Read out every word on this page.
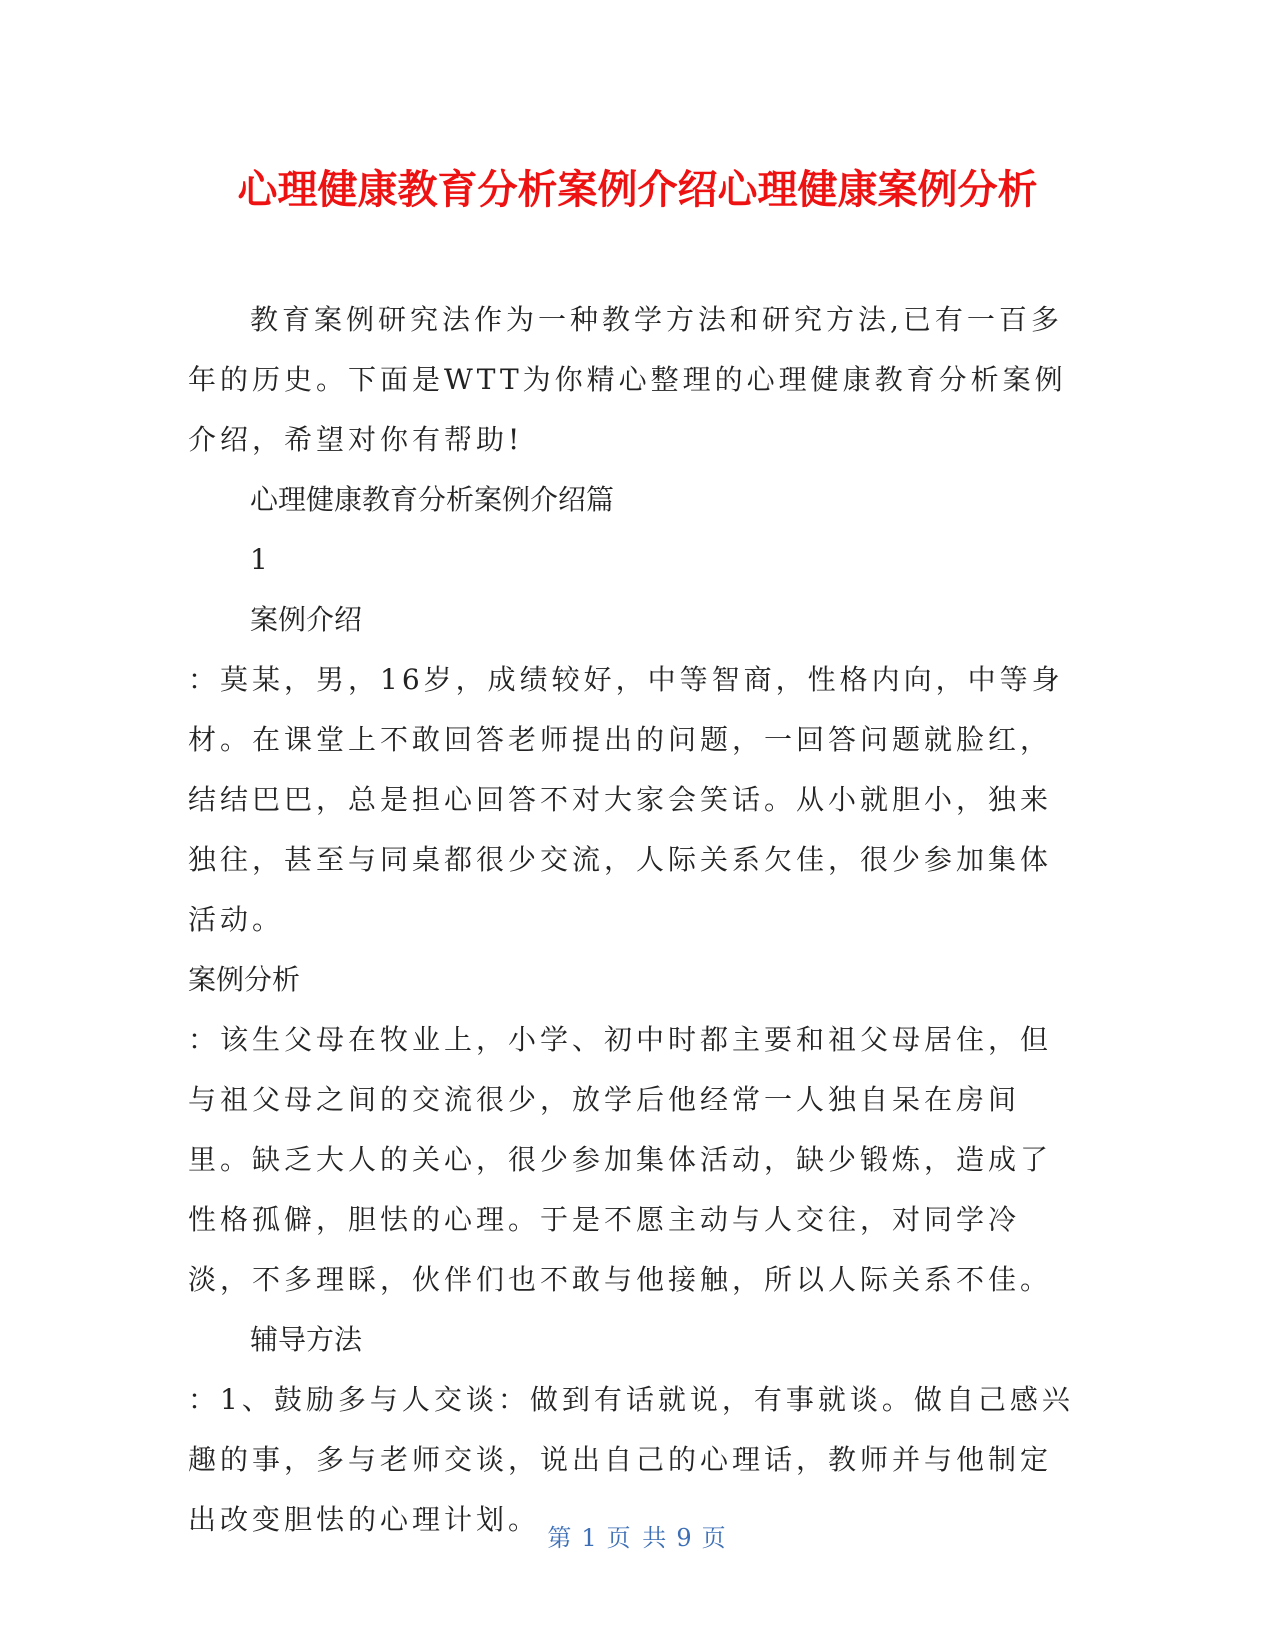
心理健康教育分析案例介绍心理健康案例分析

教育案例研究法作为一种教学方法和研究方法,已有一百多年的历史。下面是WTT为你精心整理的心理健康教育分析案例介绍，希望对你有帮助!

心理健康教育分析案例介绍篇

1

案例介绍

：莫某，男，16岁，成绩较好，中等智商，性格内向，中等身材。在课堂上不敢回答老师提出的问题，一回答问题就脸红，结结巴巴，总是担心回答不对大家会笑话。从小就胆小，独来独往，甚至与同桌都很少交流，人际关系欠佳，很少参加集体活动。

案例分析

：该生父母在牧业上，小学、初中时都主要和祖父母居住，但与祖父母之间的交流很少，放学后他经常一人独自呆在房间里。缺乏大人的关心，很少参加集体活动，缺少锻炼，造成了性格孤僻，胆怯的心理。于是不愿主动与人交往，对同学冷淡，不多理睬，伙伴们也不敢与他接触，所以人际关系不佳。

辅导方法

：1、鼓励多与人交谈：做到有话就说，有事就谈。做自己感兴趣的事，多与老师交谈，说出自己的心理话，教师并与他制定出改变胆怯的心理计划。

第 1 页 共 9 页
